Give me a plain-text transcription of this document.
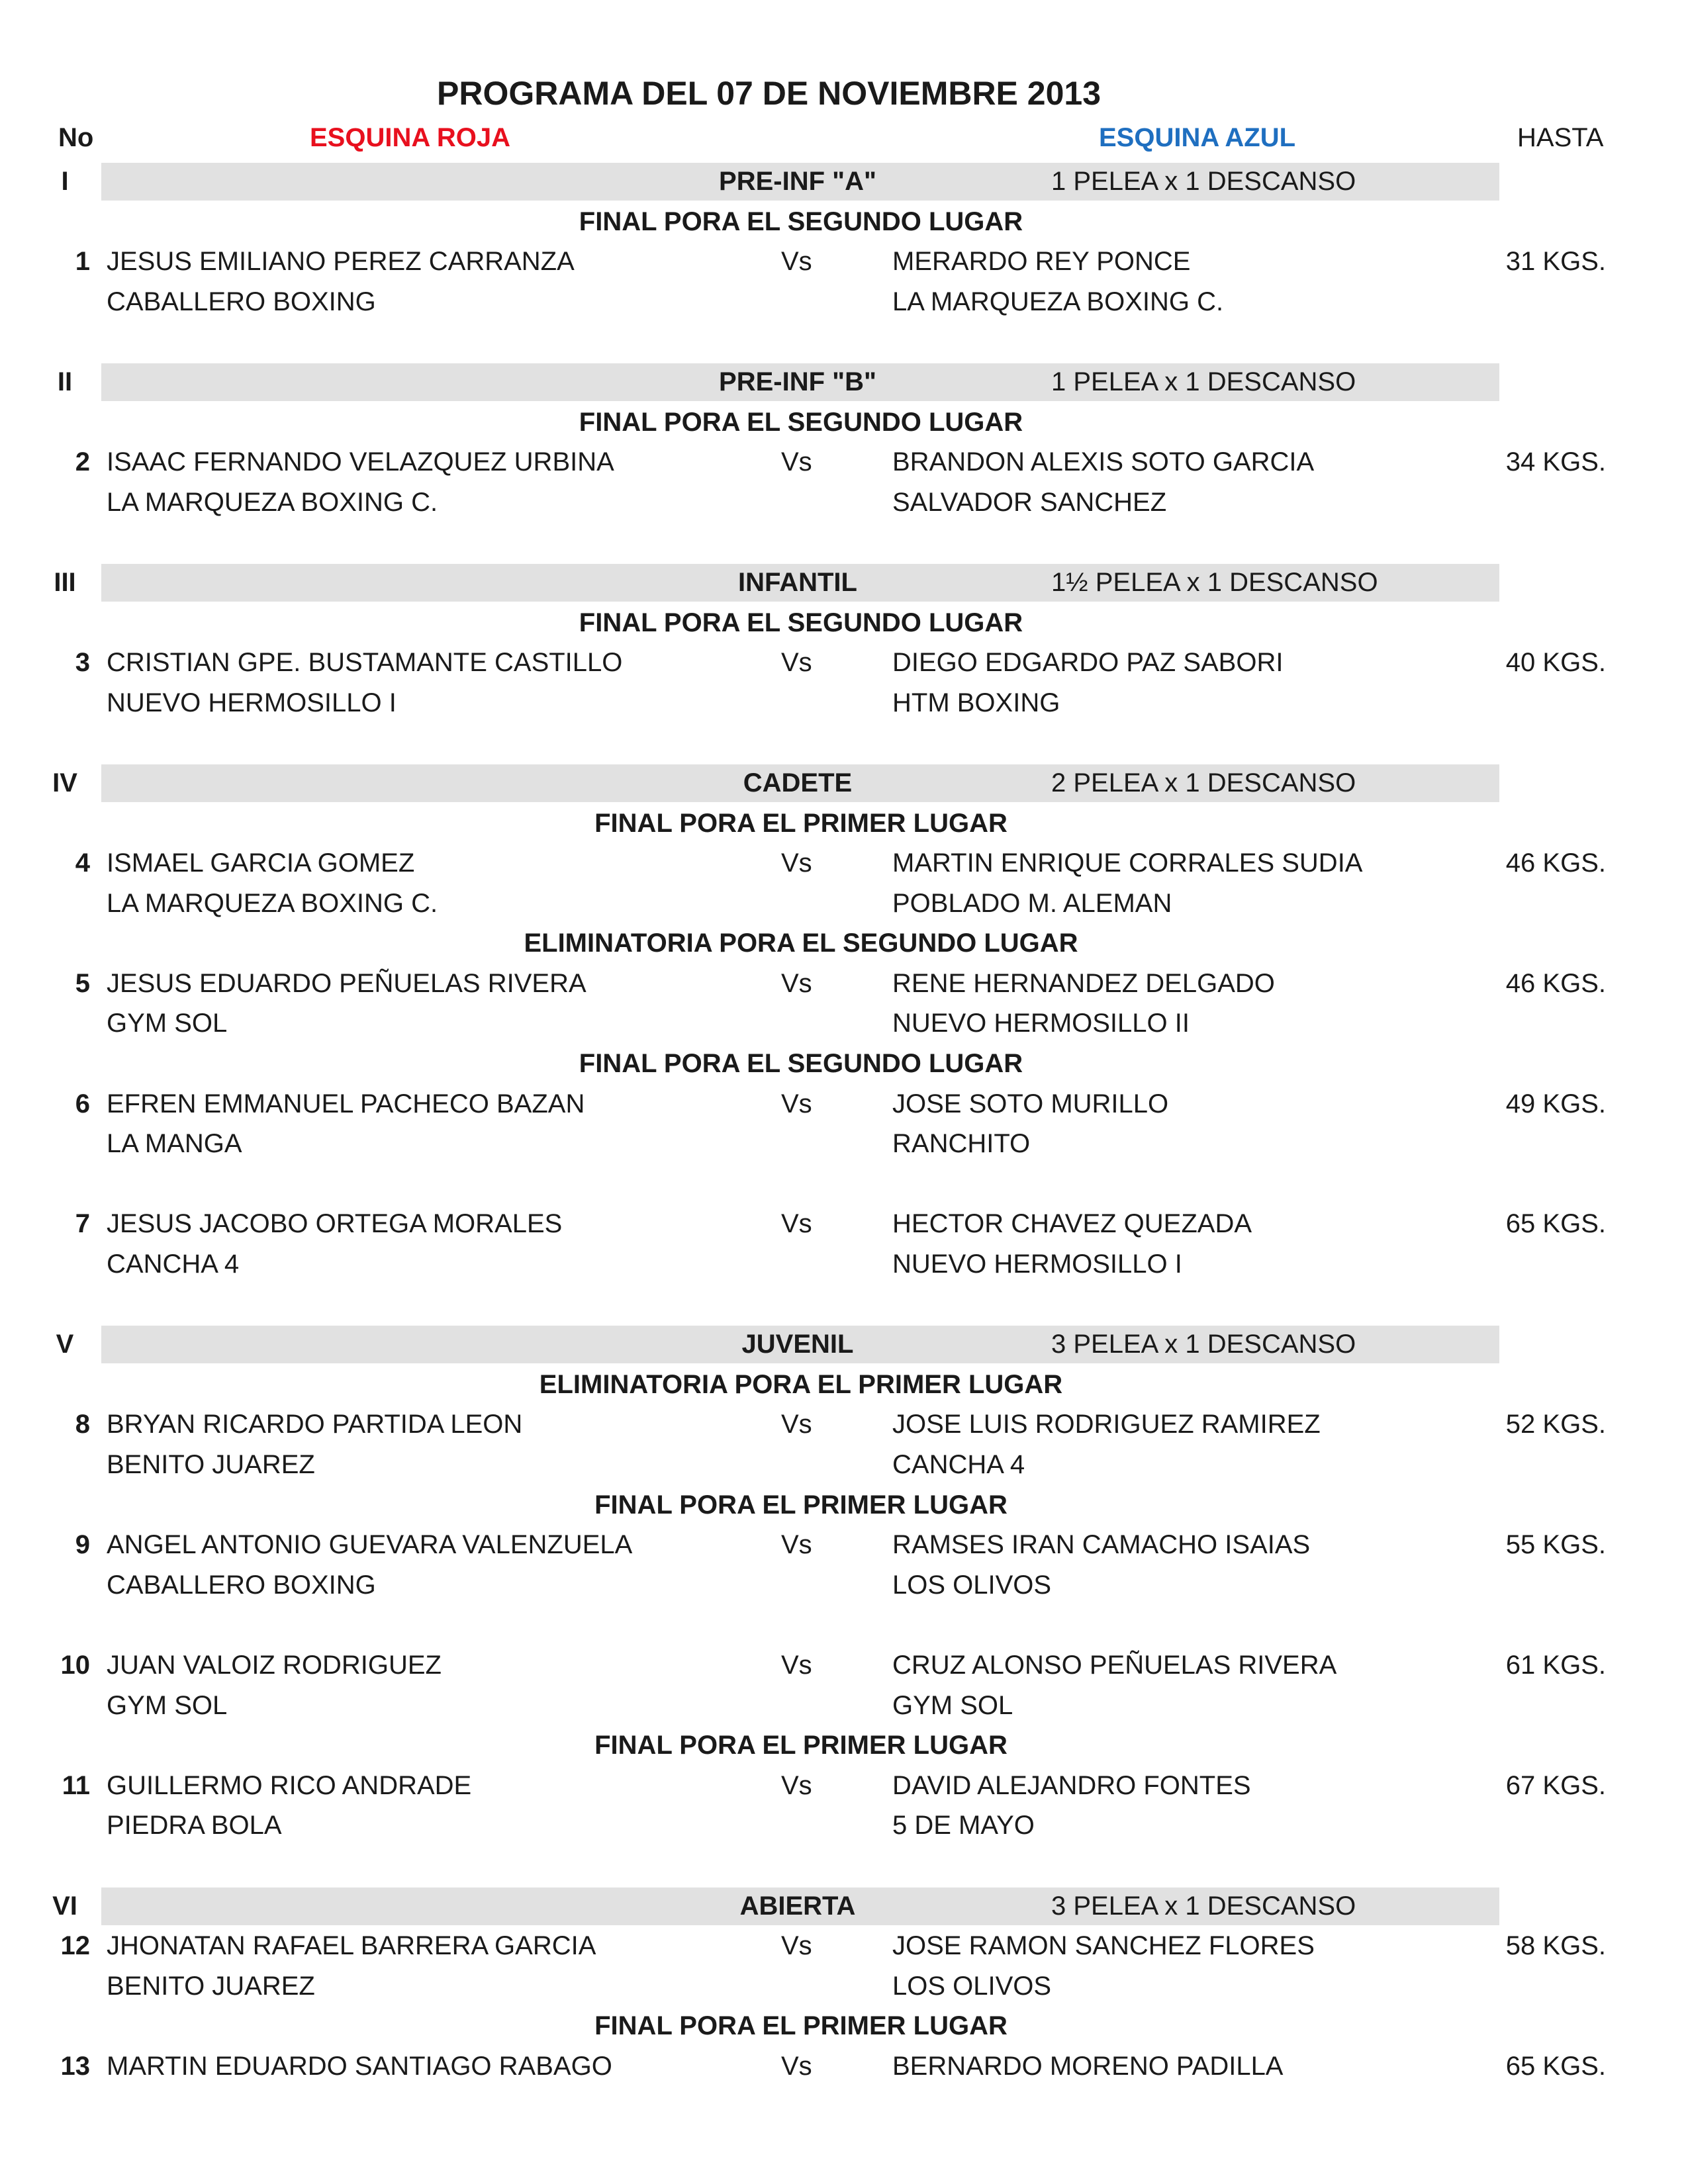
PROGRAMA DEL 07 DE NOVIEMBRE 2013
No	ESQUINA ROJA	ESQUINA AZUL	HASTA
I	PRE-INF "A"	1 PELEA x 1 DESCANSO
FINAL PORA EL SEGUNDO LUGAR
1 JESUS EMILIANO PEREZ CARRANZA	Vs	MERARDO REY PONCE	31 KGS.
CABALLERO BOXING	LA MARQUEZA BOXING C.
II	PRE-INF "B"	1 PELEA x 1 DESCANSO
FINAL PORA EL SEGUNDO LUGAR
2 ISAAC FERNANDO VELAZQUEZ URBINA	Vs	BRANDON ALEXIS SOTO GARCIA	34 KGS.
LA MARQUEZA BOXING C.	SALVADOR SANCHEZ
III	INFANTIL	1½ PELEA x 1 DESCANSO
FINAL PORA EL SEGUNDO LUGAR
3 CRISTIAN GPE. BUSTAMANTE CASTILLO	Vs	DIEGO EDGARDO PAZ SABORI	40 KGS.
NUEVO HERMOSILLO I	HTM BOXING
IV	CADETE	2 PELEA x 1 DESCANSO
FINAL PORA EL PRIMER LUGAR
4 ISMAEL GARCIA GOMEZ	Vs	MARTIN ENRIQUE CORRALES SUDIA	46 KGS.
LA MARQUEZA BOXING C.	POBLADO M. ALEMAN
ELIMINATORIA PORA EL SEGUNDO LUGAR
5 JESUS EDUARDO PEÑUELAS RIVERA	Vs	RENE HERNANDEZ DELGADO	46 KGS.
GYM SOL	NUEVO HERMOSILLO II
FINAL PORA EL SEGUNDO LUGAR
6 EFREN EMMANUEL PACHECO BAZAN	Vs	JOSE SOTO MURILLO	49 KGS.
LA MANGA	RANCHITO
7 JESUS JACOBO ORTEGA MORALES	Vs	HECTOR CHAVEZ QUEZADA	65 KGS.
CANCHA 4	NUEVO HERMOSILLO I
V	JUVENIL	3 PELEA x 1 DESCANSO
ELIMINATORIA PORA EL PRIMER LUGAR
8 BRYAN RICARDO PARTIDA LEON	Vs	JOSE LUIS RODRIGUEZ RAMIREZ	52 KGS.
BENITO JUAREZ	CANCHA 4
FINAL PORA EL PRIMER LUGAR
9 ANGEL ANTONIO GUEVARA VALENZUELA	Vs	RAMSES IRAN CAMACHO ISAIAS	55 KGS.
CABALLERO BOXING	LOS OLIVOS
10 JUAN VALOIZ RODRIGUEZ	Vs	CRUZ ALONSO PEÑUELAS RIVERA	61 KGS.
GYM SOL	GYM SOL
FINAL PORA EL PRIMER LUGAR
11 GUILLERMO RICO ANDRADE	Vs	DAVID ALEJANDRO FONTES	67 KGS.
PIEDRA BOLA	5 DE MAYO
VI	ABIERTA	3 PELEA x 1 DESCANSO
12 JHONATAN RAFAEL BARRERA GARCIA	Vs	JOSE RAMON SANCHEZ FLORES	58 KGS.
BENITO JUAREZ	LOS OLIVOS
FINAL PORA EL PRIMER LUGAR
13 MARTIN EDUARDO SANTIAGO RABAGO	Vs	BERNARDO MORENO PADILLA	65 KGS.
